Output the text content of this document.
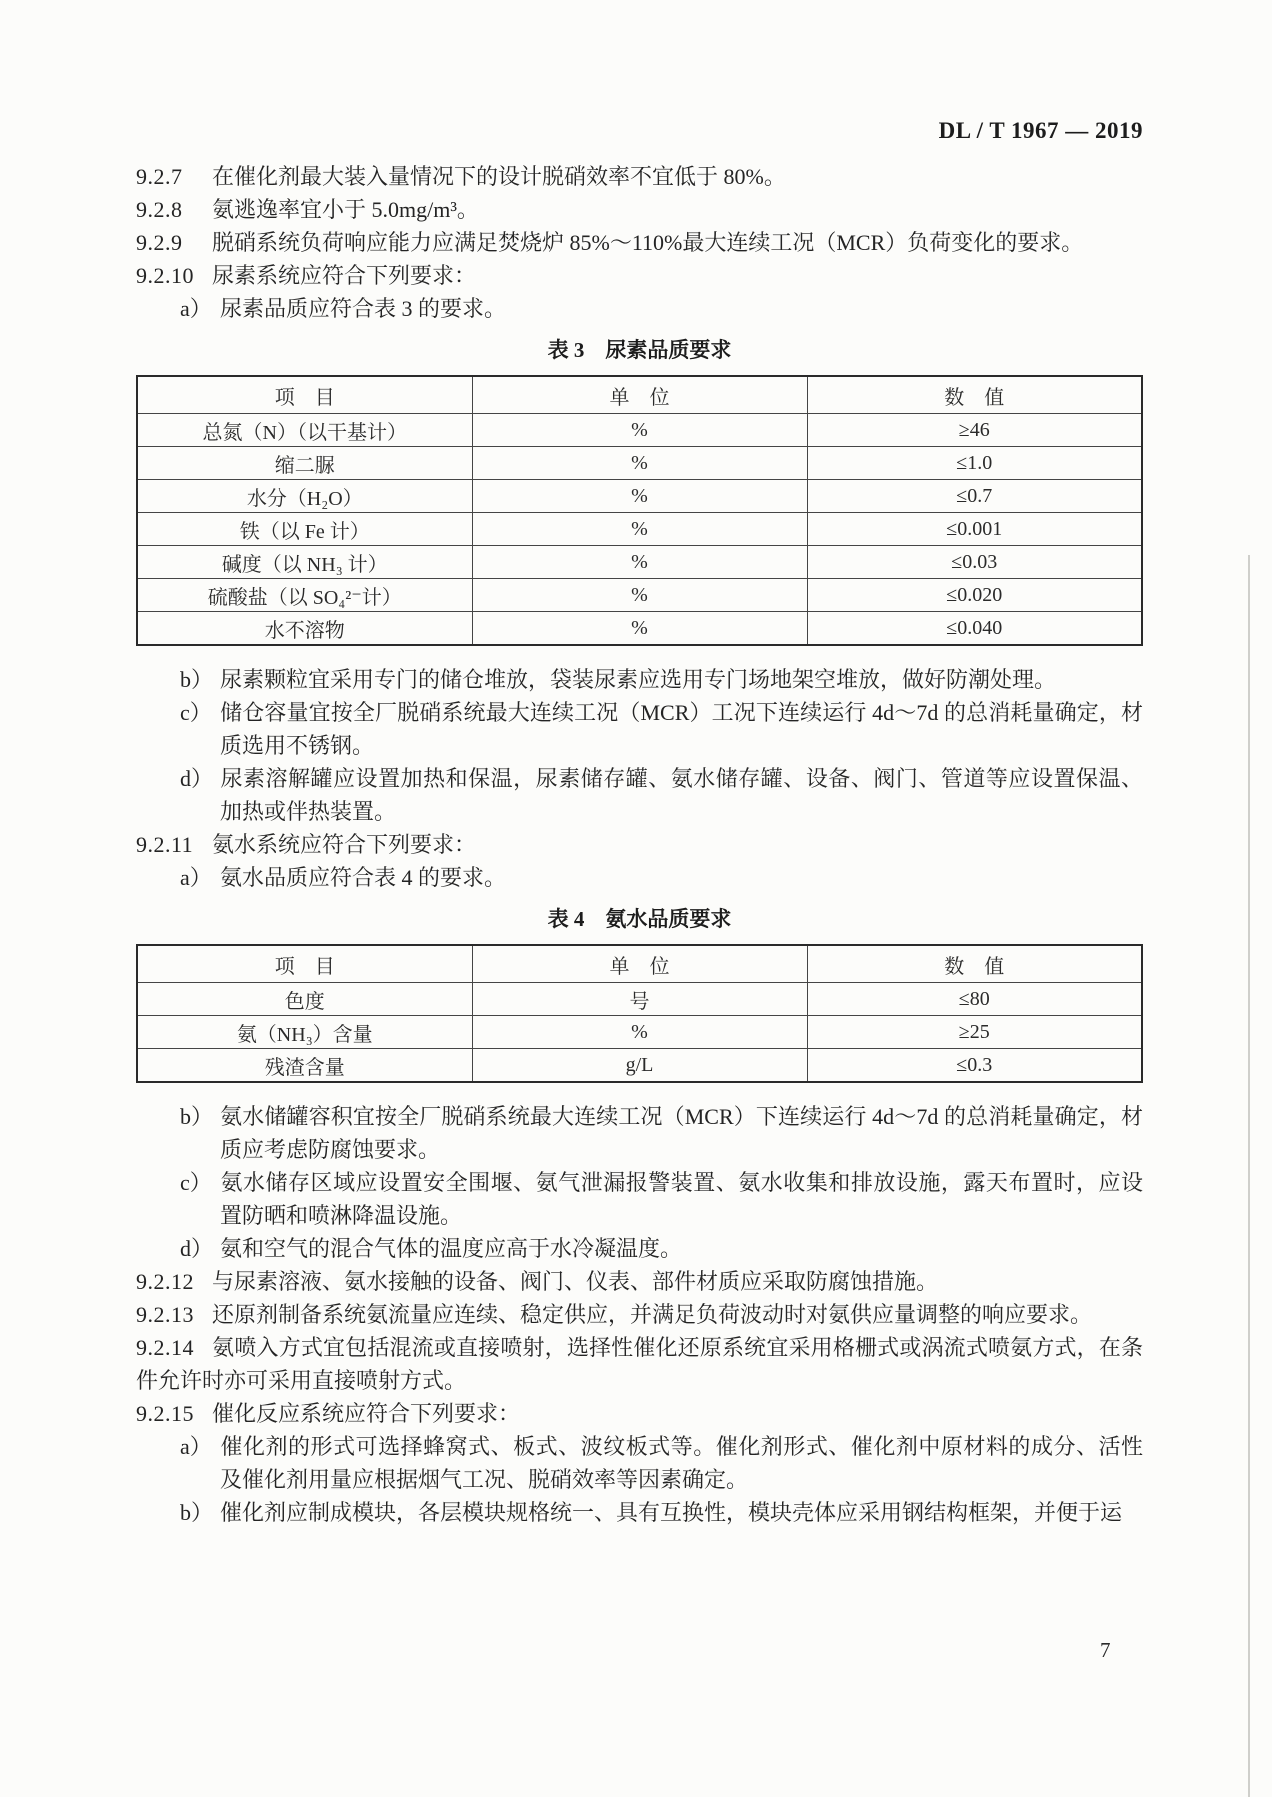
DL / T 1967 — 2019

9.2.7 在催化剂最大装入量情况下的设计脱硝效率不宜低于 80%。

9.2.8 氨逃逸率宜小于 5.0mg/m³。

9.2.9 脱硝系统负荷响应能力应满足焚烧炉 85%～110%最大连续工况（MCR）负荷变化的要求。

9.2.10 尿素系统应符合下列要求：

a） 尿素品质应符合表 3 的要求。

表 3　尿素品质要求

项　目	单　位	数　值
总氮（N）（以干基计）	%	≥46
缩二脲	%	≤1.0
水分（H₂O）	%	≤0.7
铁（以 Fe 计）	%	≤0.001
碱度（以 NH₃ 计）	%	≤0.03
硫酸盐（以 SO₄²⁻计）	%	≤0.020
水不溶物	%	≤0.040

b） 尿素颗粒宜采用专门的储仓堆放，袋装尿素应选用专门场地架空堆放，做好防潮处理。

c） 储仓容量宜按全厂脱硝系统最大连续工况（MCR）工况下连续运行 4d～7d 的总消耗量确定，材质选用不锈钢。

d） 尿素溶解罐应设置加热和保温，尿素储存罐、氨水储存罐、设备、阀门、管道等应设置保温、加热或伴热装置。

9.2.11 氨水系统应符合下列要求：

a） 氨水品质应符合表 4 的要求。

表 4　氨水品质要求

项　目	单　位	数　值
色度	号	≤80
氨（NH₃）含量	%	≥25
残渣含量	g/L	≤0.3

b） 氨水储罐容积宜按全厂脱硝系统最大连续工况（MCR）下连续运行 4d～7d 的总消耗量确定，材质应考虑防腐蚀要求。

c） 氨水储存区域应设置安全围堰、氨气泄漏报警装置、氨水收集和排放设施，露天布置时，应设置防晒和喷淋降温设施。

d） 氨和空气的混合气体的温度应高于水冷凝温度。

9.2.12 与尿素溶液、氨水接触的设备、阀门、仪表、部件材质应采取防腐蚀措施。

9.2.13 还原剂制备系统氨流量应连续、稳定供应，并满足负荷波动时对氨供应量调整的响应要求。

9.2.14 氨喷入方式宜包括混流或直接喷射，选择性催化还原系统宜采用格栅式或涡流式喷氨方式，在条件允许时亦可采用直接喷射方式。

9.2.15 催化反应系统应符合下列要求：

a） 催化剂的形式可选择蜂窝式、板式、波纹板式等。催化剂形式、催化剂中原材料的成分、活性及催化剂用量应根据烟气工况、脱硝效率等因素确定。

b） 催化剂应制成模块，各层模块规格统一、具有互换性，模块壳体应采用钢结构框架，并便于运

7
